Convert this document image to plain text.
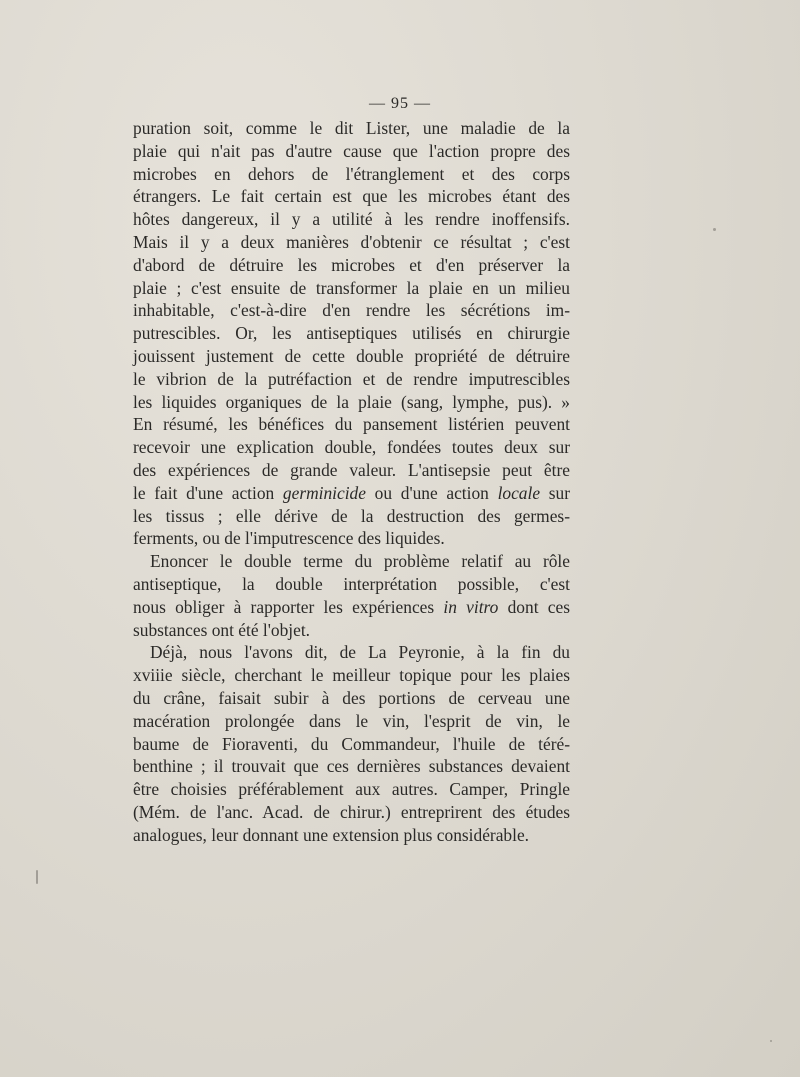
— 95 —
puration soit, comme le dit Lister, une maladie de la
plaie qui n'ait pas d'autre cause que l'action propre des
microbes en dehors de l'étranglement et des corps
étrangers. Le fait certain est que les microbes étant des
hôtes dangereux, il y a utilité à les rendre inoffensifs.
Mais il y a deux manières d'obtenir ce résultat ; c'est
d'abord de détruire les microbes et d'en préserver la
plaie ; c'est ensuite de transformer la plaie en un milieu
inhabitable, c'est-à-dire d'en rendre les sécrétions im-
putrescibles. Or, les antiseptiques utilisés en chirurgie
jouissent justement de cette double propriété de détruire
le vibrion de la putréfaction et de rendre imputrescibles
les liquides organiques de la plaie (sang, lymphe, pus). »
En résumé, les bénéfices du pansement listérien peuvent
recevoir une explication double, fondées toutes deux sur
des expériences de grande valeur. L'antisepsie peut être
le fait d'une action germinicide ou d'une action locale sur
les tissus ; elle dérive de la destruction des germes-
ferments, ou de l'imputrescence des liquides.
Enoncer le double terme du problème relatif au rôle
antiseptique, la double interprétation possible, c'est
nous obliger à rapporter les expériences in vitro dont ces
substances ont été l'objet.
Déjà, nous l'avons dit, de La Peyronie, à la fin du
xviiie siècle, cherchant le meilleur topique pour les plaies
du crâne, faisait subir à des portions de cerveau une
macération prolongée dans le vin, l'esprit de vin, le
baume de Fioraventi, du Commandeur, l'huile de téré-
benthine ; il trouvait que ces dernières substances devaient
être choisies préférablement aux autres. Camper, Pringle
(Mém. de l'anc. Acad. de chirur.) entreprirent des études
analogues, leur donnant une extension plus considérable.
